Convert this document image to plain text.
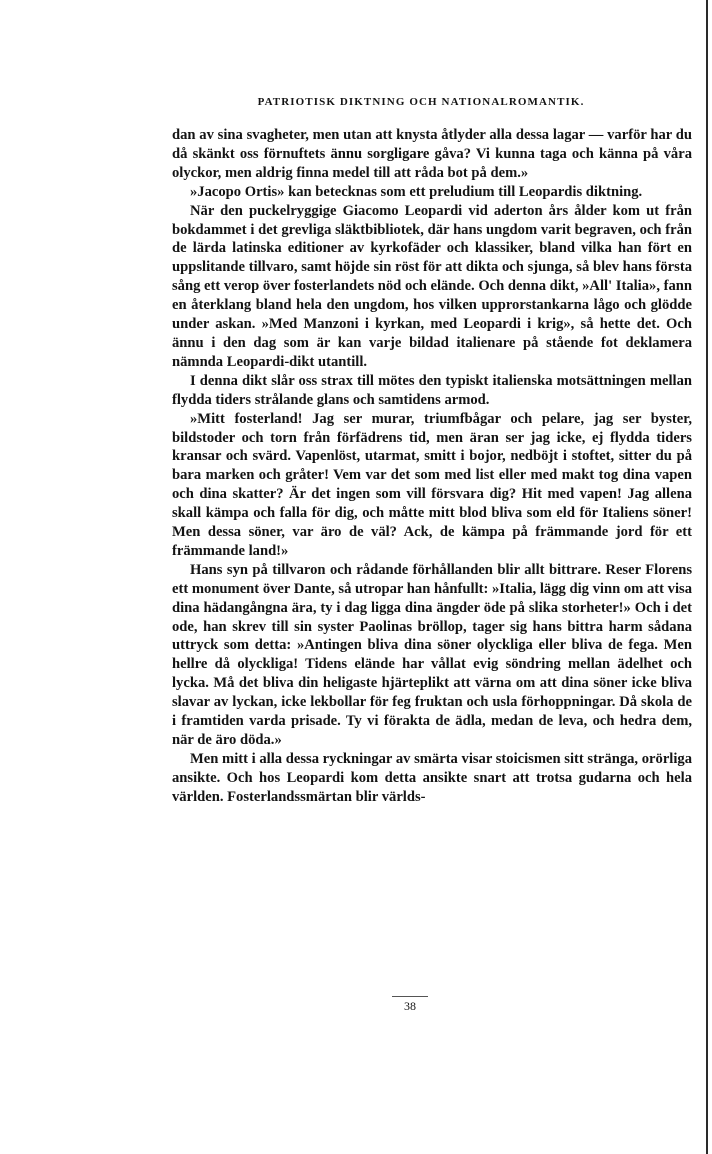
PATRIOTISK DIKTNING OCH NATIONALROMANTIK.

dan av sina svagheter, men utan att knysta åtlyder alla dessa lagar — varför har du då skänkt oss förnuftets ännu sorgligare gåva? Vi kunna taga och känna på våra olyckor, men aldrig finna medel till att råda bot på dem.»

»Jacopo Ortis» kan betecknas som ett preludium till Leopardis diktning.

När den puckelryggige Giacomo Leopardi vid aderton års ålder kom ut från bokdammet i det grevliga släktbibliotek, där hans ungdom varit begraven, och från de lärda latinska editioner av kyrkofäder och klassiker, bland vilka han fört en uppslitande tillvaro, samt höjde sin röst för att dikta och sjunga, så blev hans första sång ett verop över fosterlandets nöd och elände. Och denna dikt, »All' Italia», fann en återklang bland hela den ungdom, hos vilken upprorstankarna lågo och glödde under askan. »Med Manzoni i kyrkan, med Leopardi i krig», så hette det. Och ännu i den dag som är kan varje bildad italienare på stående fot deklamera nämnda Leopardi-dikt utantill.

I denna dikt slår oss strax till mötes den typiskt italienska motsättningen mellan flydda tiders strålande glans och samtidens armod.

»Mitt fosterland! Jag ser murar, triumfbågar och pelare, jag ser byster, bildstoder och torn från förfädrens tid, men äran ser jag icke, ej flydda tiders kransar och svärd. Vapenlöst, utarmat, smitt i bojor, nedböjt i stoftet, sitter du på bara marken och gråter! Vem var det som med list eller med makt tog dina vapen och dina skatter? Är det ingen som vill försvara dig? Hit med vapen! Jag allena skall kämpa och falla för dig, och måtte mitt blod bliva som eld för Italiens söner! Men dessa söner, var äro de väl? Ack, de kämpa på främmande jord för ett främmande land!»

Hans syn på tillvaron och rådande förhållanden blir allt bittrare. Reser Florens ett monument över Dante, så utropar han hånfullt: »Italia, lägg dig vinn om att visa dina hädangångna ära, ty i dag ligga dina ängder öde på slika storheter!» Och i det ode, han skrev till sin syster Paolinas bröllop, tager sig hans bittra harm sådana uttryck som detta: »Antingen bliva dina söner olyckliga eller bliva de fega. Men hellre då olyckliga! Tidens elände har vållat evig söndring mellan ädelhet och lycka. Må det bliva din heligaste hjärteplikt att värna om att dina söner icke bliva slavar av lyckan, icke lekbollar för feg fruktan och usla förhoppningar. Då skola de i framtiden varda prisade. Ty vi förakta de ädla, medan de leva, och hedra dem, när de äro döda.»

Men mitt i alla dessa ryckningar av smärta visar stoicismen sitt stränga, orörliga ansikte. Och hos Leopardi kom detta ansikte snart att trotsa gudarna och hela världen. Fosterlandssmärtan blir världs-

38
